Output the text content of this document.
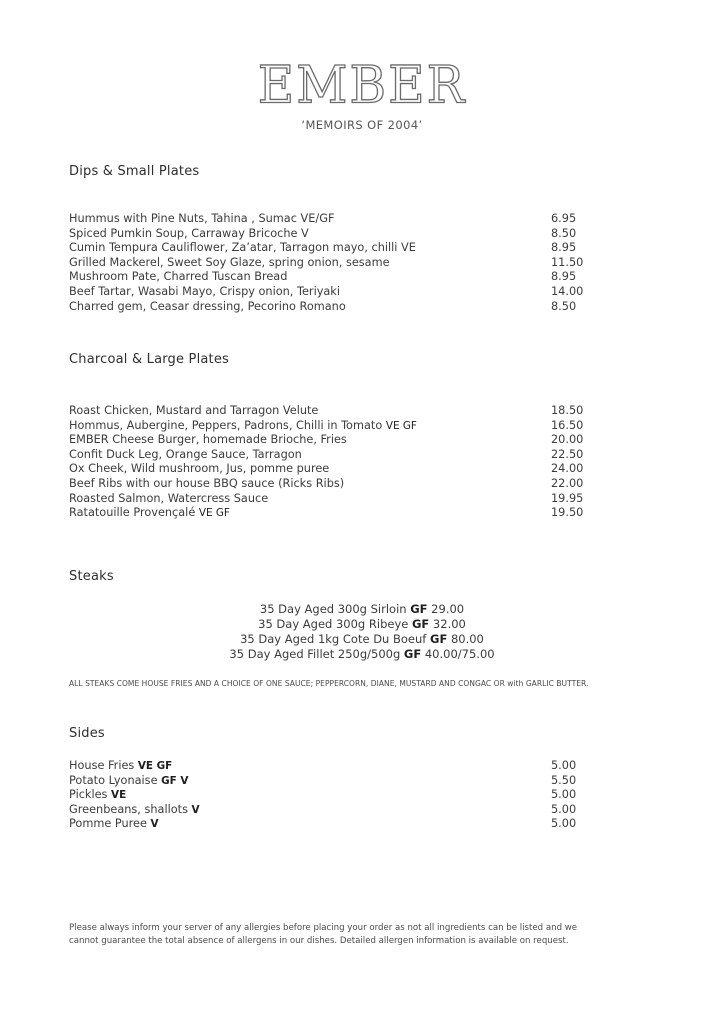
EMBER
‘MEMOIRS OF 2004’
Dips & Small Plates
Hummus with Pine Nuts, Tahina , Sumac VE/GF	6.95
Spiced Pumkin Soup, Carraway Bricoche V	8.50
Cumin Tempura Cauliflower, Za’atar, Tarragon mayo, chilli VE	8.95
Grilled Mackerel, Sweet Soy Glaze, spring onion, sesame	11.50
Mushroom Pate, Charred Tuscan Bread	8.95
Beef Tartar, Wasabi Mayo, Crispy onion, Teriyaki	14.00
Charred gem, Ceasar dressing, Pecorino Romano	8.50
Charcoal & Large Plates
Roast Chicken, Mustard and Tarragon Velute	18.50
Hommus, Aubergine, Peppers, Padrons, Chilli in Tomato VE GF	16.50
EMBER Cheese Burger, homemade Brioche, Fries	20.00
Confit Duck Leg, Orange Sauce, Tarragon	22.50
Ox Cheek, Wild mushroom, Jus, pomme puree	24.00
Beef Ribs with our house BBQ sauce (Ricks Ribs)	22.00
Roasted Salmon, Watercress Sauce	19.95
Ratatouille Provençalé VE GF	19.50
Steaks
35 Day Aged 300g Sirloin GF 29.00
35 Day Aged 300g Ribeye GF 32.00
35 Day Aged 1kg Cote Du Boeuf GF 80.00
35 Day Aged Fillet 250g/500g GF 40.00/75.00
ALL STEAKS COME HOUSE FRIES AND A CHOICE OF ONE SAUCE; PEPPERCORN, DIANE, MUSTARD AND CONGAC OR with GARLIC BUTTER.
Sides
House Fries VE GF	5.00
Potato Lyonaise GF V	5.50
Pickles VE	5.00
Greenbeans, shallots V	5.00
Pomme Puree V	5.00
Please always inform your server of any allergies before placing your order as not all ingredients can be listed and we
cannot guarantee the total absence of allergens in our dishes. Detailed allergen information is available on request.
